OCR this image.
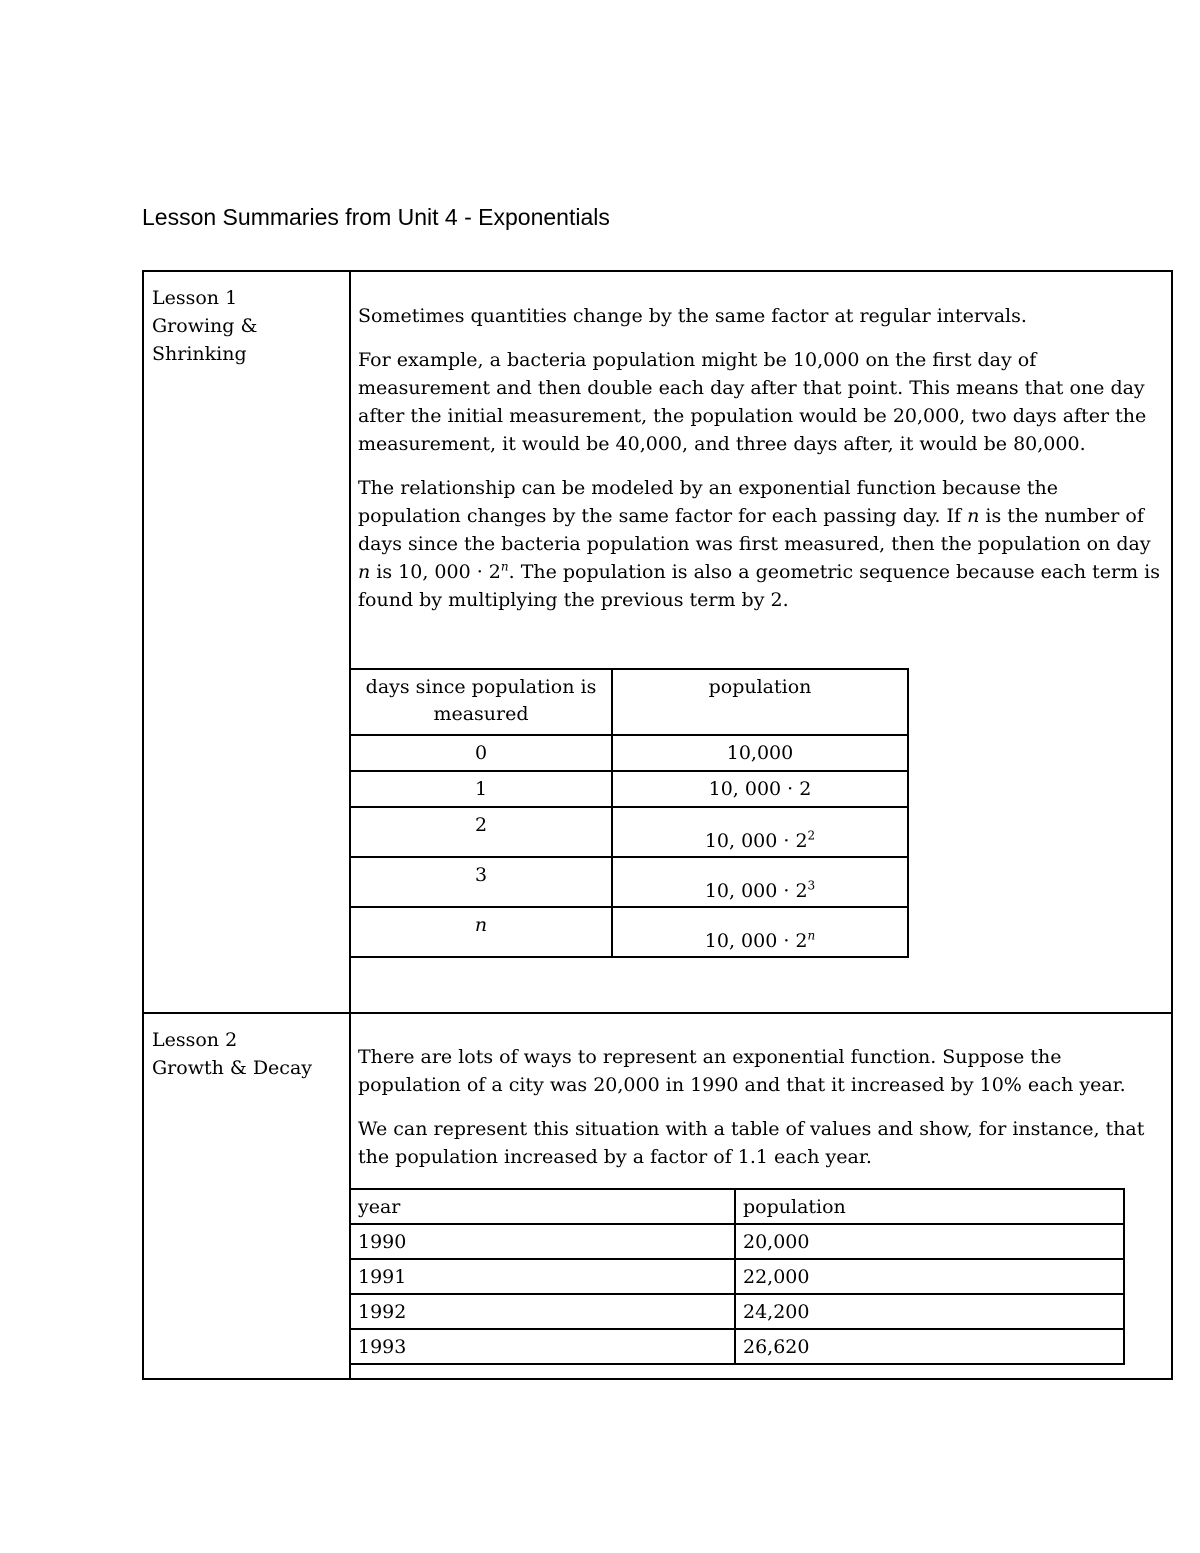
Lesson Summaries from Unit 4 - Exponentials
Lesson 1
Growing &
Shrinking

Sometimes quantities change by the same factor at regular intervals.

For example, a bacteria population might be 10,000 on the first day of measurement and then double each day after that point. This means that one day after the initial measurement, the population would be 20,000, two days after the measurement, it would be 40,000, and three days after, it would be 80,000.

The relationship can be modeled by an exponential function because the population changes by the same factor for each passing day. If n is the number of days since the bacteria population was first measured, then the population on day n is 10, $000 \cdot 2^n$. The population is also a geometric sequence because each term is found by multiplying the previous term by 2.

days since population is measured	population
0	10,000
1	10, 000 · 2
2	10, $000 \cdot 2^2$
3	10, $000 \cdot 2^3$
n	10, $000 \cdot 2^n$
Lesson 2
Growth & Decay	There are lots of ways to represent an exponential function. Suppose the population of a city was 20,000 in 1990 and that it increased by 10% each year.

We can represent this situation with a table of values and show, for instance, that the population increased by a factor of 1.1 each year.

year	population
1990	20,000
1991	22,000
1992	24,200
1993	26,620
